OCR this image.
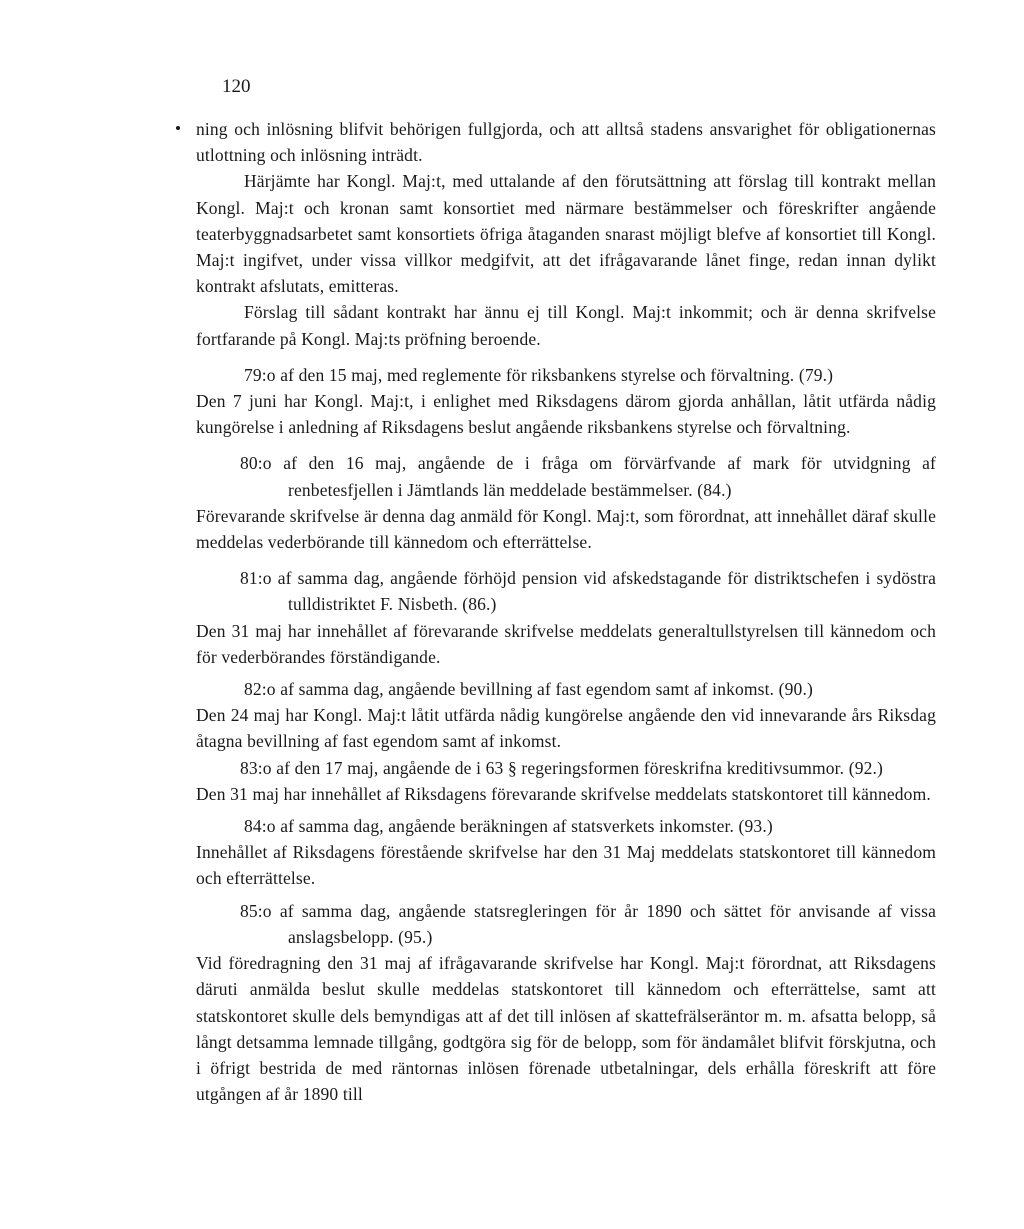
120

ning och inlösning blifvit behörigen fullgjorda, och att alltså stadens ansvarighet för obligationernas utlottning och inlösning inträdt.

Härjämte har Kongl. Maj:t, med uttalande af den förutsättning att förslag till kontrakt mellan Kongl. Maj:t och kronan samt konsortiet med närmare bestämmelser och föreskrifter angående teaterbyggnadsarbetet samt konsortiets öfriga åtaganden snarast möjligt blefve af konsortiet till Kongl. Maj:t ingifvet, under vissa villkor medgifvit, att det ifrågavarande lånet finge, redan innan dylikt kontrakt afslutats, emitteras.

Förslag till sådant kontrakt har ännu ej till Kongl. Maj:t inkommit; och är denna skrifvelse fortfarande på Kongl. Maj:ts pröfning beroende.

79:o af den 15 maj, med reglemente för riksbankens styrelse och förvaltning. (79.)

Den 7 juni har Kongl. Maj:t, i enlighet med Riksdagens därom gjorda anhållan, låtit utfärda nådig kungörelse i anledning af Riksdagens beslut angående riksbankens styrelse och förvaltning.

80:o af den 16 maj, angående de i fråga om förvärfvande af mark för utvidgning af renbetesfjellen i Jämtlands län meddelade bestämmelser. (84.)

Förevarande skrifvelse är denna dag anmäld för Kongl. Maj:t, som förordnat, att innehållet däraf skulle meddelas vederbörande till kännedom och efterrättelse.

81:o af samma dag, angående förhöjd pension vid afskedstagande för distriktschefen i sydöstra tulldistriktet F. Nisbeth. (86.)

Den 31 maj har innehållet af förevarande skrifvelse meddelats generaltullstyrelsen till kännedom och för vederbörandes förständigande.

82:o af samma dag, angående bevillning af fast egendom samt af inkomst. (90.)

Den 24 maj har Kongl. Maj:t låtit utfärda nådig kungörelse angående den vid innevarande års Riksdag åtagna bevillning af fast egendom samt af inkomst.

83:o af den 17 maj, angående de i 63 § regeringsformen föreskrifna kreditivsummor. (92.)

Den 31 maj har innehållet af Riksdagens förevarande skrifvelse meddelats statskontoret till kännedom.

84:o af samma dag, angående beräkningen af statsverkets inkomster. (93.)

Innehållet af Riksdagens förestående skrifvelse har den 31 Maj meddelats statskontoret till kännedom och efterrättelse.

85:o af samma dag, angående statsregleringen för år 1890 och sättet för anvisande af vissa anslagsbelopp. (95.)

Vid föredragning den 31 maj af ifrågavarande skrifvelse har Kongl. Maj:t förordnat, att Riksdagens däruti anmälda beslut skulle meddelas statskontoret till kännedom och efterrättelse, samt att statskontoret skulle dels bemyndigas att af det till inlösen af skattefrälseräntor m. m. afsatta belopp, så långt detsamma lemnade tillgång, godtgöra sig för de belopp, som för ändamålet blifvit förskjutna, och i öfrigt bestrida de med räntornas inlösen förenade utbetalningar, dels erhålla föreskrift att före utgången af år 1890 till
